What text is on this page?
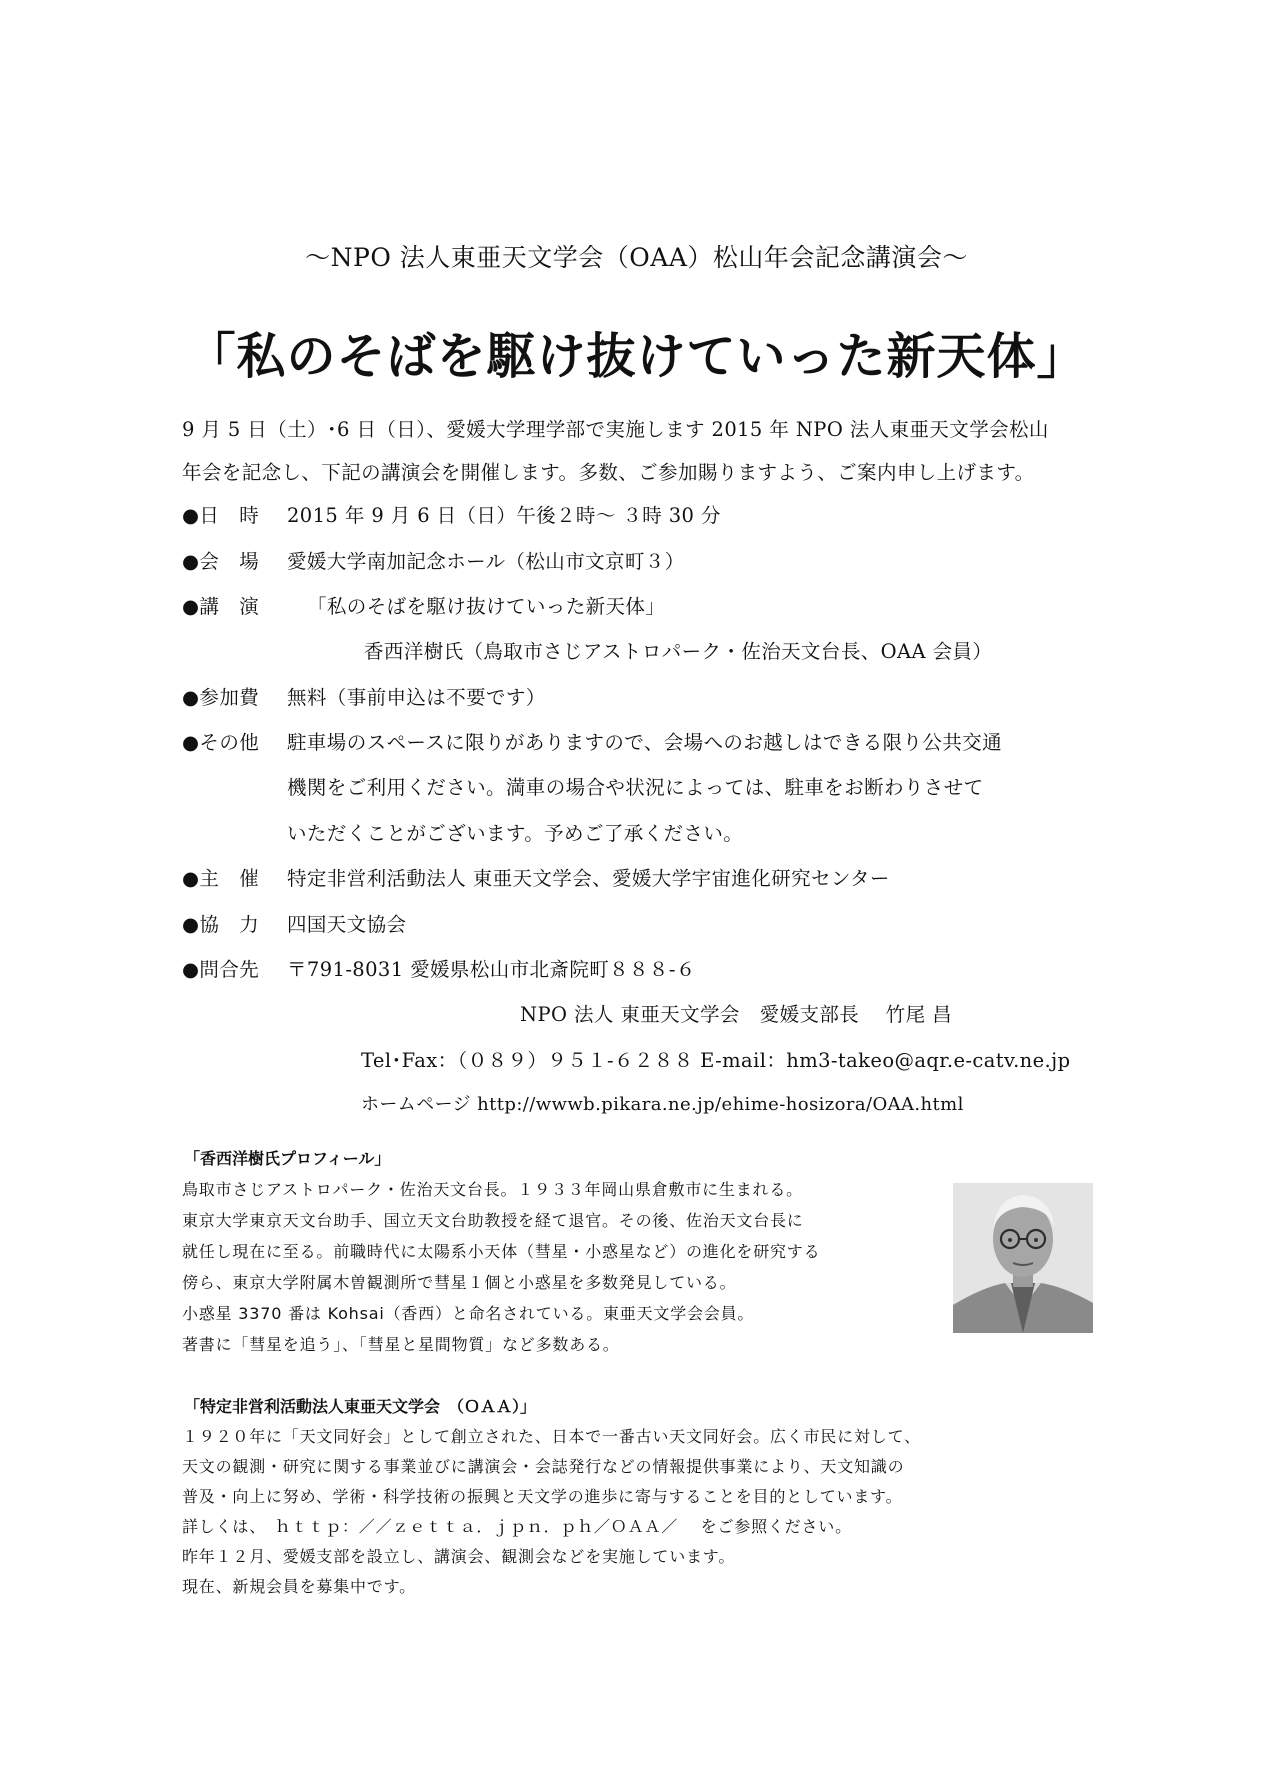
～NPO 法人東亜天文学会（OAA）松山年会記念講演会～
「私のそばを駆け抜けていった新天体」
9 月 5 日（土）･6 日（日）、愛媛大学理学部で実施します 2015 年 NPO 法人東亜天文学会松山
年会を記念し、下記の講演会を開催します。多数、ご参加賜りますよう、ご案内申し上げます。
●日　時 2015 年 9 月 6 日（日）午後２時～ ３時 30 分
●会　場 愛媛大学南加記念ホール（松山市文京町３）
●講　演 「私のそばを駆け抜けていった新天体」
香西洋樹氏（鳥取市さじアストロパーク・佐治天文台長、OAA 会員）
●参加費 無料（事前申込は不要です）
●その他 駐車場のスペースに限りがありますので、会場へのお越しはできる限り公共交通
機関をご利用ください。満車の場合や状況によっては、駐車をお断わりさせて
いただくことがございます。予めご了承ください。
●主　催 特定非営利活動法人 東亜天文学会、愛媛大学宇宙進化研究センター
●協　力 四国天文協会
●問合先 〒791-8031 愛媛県松山市北斎院町８８８-６
NPO 法人 東亜天文学会　愛媛支部長　 竹尾 昌
Tel･Fax：（０８９）９５１-６２８８ E-mail：hm3-takeo@aqr.e-catv.ne.jp
ホームページ http://wwwb.pikara.ne.jp/ehime-hosizora/OAA.html
「香西洋樹氏プロフィール」
鳥取市さじアストロパーク・佐治天文台長。１９３３年岡山県倉敷市に生まれる。
東京大学東京天文台助手、国立天文台助教授を経て退官。その後、佐治天文台長に
就任し現在に至る。前職時代に太陽系小天体（彗星・小惑星など）の進化を研究する
傍ら、東京大学附属木曽観測所で彗星１個と小惑星を多数発見している。
小惑星 3370 番は Kohsai（香西）と命名されている。東亜天文学会会員。
著書に「彗星を追う」、「彗星と星間物質」など多数ある。
「特定非営利活動法人東亜天文学会　（ＯＡＡ）」
１９２０年に「天文同好会」として創立された、日本で一番古い天文同好会。広く市民に対して、
天文の観測・研究に関する事業並びに講演会・会誌発行などの情報提供事業により、天文知識の
普及・向上に努め、学術・科学技術の振興と天文学の進歩に寄与することを目的としています。
詳しくは、　ｈｔｔｐ：／／ｚｅｔｔａ．ｊｐｎ．ｐｈ／ＯＡＡ／　 をご参照ください。
昨年１２月、愛媛支部を設立し、講演会、観測会などを実施しています。
現在、新規会員を募集中です。
